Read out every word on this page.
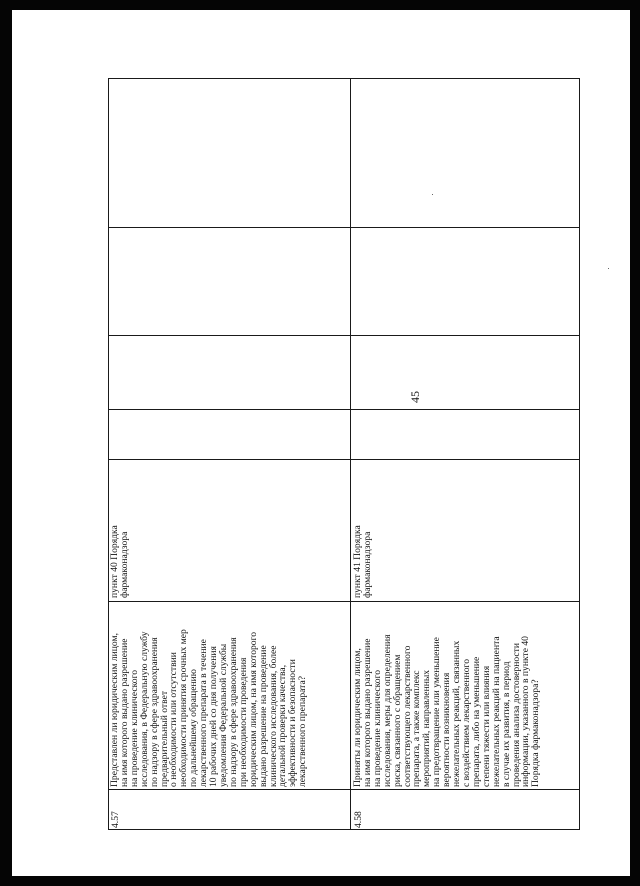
45
4.57
Представлен ли юридическим лицом,
на имя которого выдано разрешение
на проведение клинического
исследования, в Федеральную службу
по надзору в сфере здравоохранения
предварительный ответ
о необходимости или отсутствии
необходимости принятия срочных мер
по дальнейшему обращению
лекарственного препарата в течение
10 рабочих дней со дня получения
уведомления Федеральной службы
по надзору в сфере здравоохранения
при необходимости проведения
юридическим лицом, на имя которого
выдано разрешение на проведение
клинического исследования, более
детальной проверки качества,
эффективности и безопасности
лекарственного препарата?
пункт 40 Порядка
фармаконадзора
4.58
Приняты ли юридическим лицом,
на имя которого выдано разрешение
на проведение клинического
исследования, меры для определения
риска, связанного с обращением
соответствующего лекарственного
препарата, а также комплекс
мероприятий, направленных
на предотвращение или уменьшение
вероятности возникновения
нежелательных реакций, связанных
с воздействием лекарственного
препарата, либо на уменьшение
степени тяжести или влияния
нежелательных реакций на пациента
в случае их развития, в период
проведения анализа достоверности
информации, указанного в пункте 40
Порядка фармаконадзора?
пункт 41 Порядка
фармаконадзора
